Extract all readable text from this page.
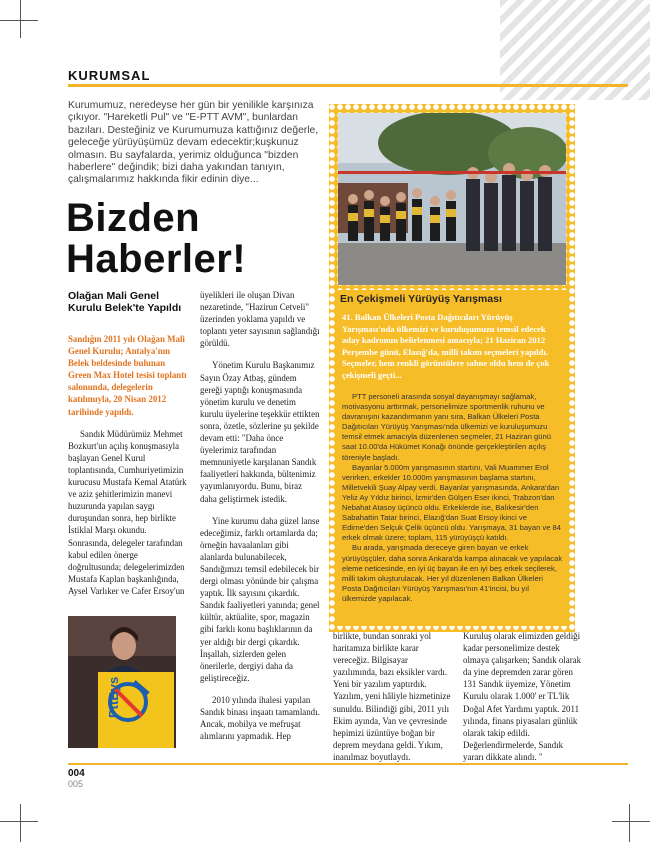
KURUMSAL
Kurumumuz, neredeyse her gün bir yenilikle karşınıza çıkıyor. "Hareketli Pul" ve "E-PTT AVM", bunlardan bazıları. Desteğiniz ve Kurumumuza kattığınız değerle, geleceğe yürüyüşümüz devam edecektir;kuşkunuz olmasın. Bu sayfalarda, yerimiz olduğunca "bizden haberlere" değindik; bizi daha yakından tanıyın, çalışmalarımız hakkında fikir edinin diye...
Bizden Haberler!
Olağan Mali Genel Kurulu Belek'te Yapıldı

Sandığın 2011 yılı Olağan Mali Genel Kurulu; Antalya'nın Belek beldesinde bulunan Green Max Hotel tesisi toplantı salonunda, delegelerin katılımıyla, 20 Nisan 2012 tarihinde yapıldı.

Sandık Müdürümüz Mehmet Bozkurt'un açılış konuşmasıyla başlayan Genel Kurul toplantısında, Cumhuriyetimizin kurucusu Mustafa Kemal Atatürk ve aziz şehitlerimizin manevi huzurunda yapılan saygı duruşundan sonra, hep birlikte İstiklal Marşı okundu. Sonrasında, delegeler tarafından kabul edilen önerge doğrultusunda; delegelerimizden Mustafa Kaplan başkanlığında, Aysel Varlıker ve Cafer Ersoy'un

PttBys

üyelikleri ile oluşan Divan nezaretinde, "Hazirun Cetveli" üzerinden yoklama yapıldı ve toplantı yeter sayısının sağlandığı görüldü.

Yönetim Kurulu Başkanımız Sayın Özay Atbaş, gündem gereği yaptığı konuşmasında yönetim kurulu ve denetim kurulu üyelerine teşekkür ettikten sonra, özetle, sözlerine şu şekilde devam etti: "Daha önce üyelerimiz tarafından memnuniyetle karşılanan Sandık faaliyetleri hakkında, bültenimiz yayımlanıyordu. Bunu, biraz daha geliştirmek istedik.

Yine kurumu daha güzel lanse edeceğimiz, farklı ortamlarda da; örneğin havaalanları gibi alanlarda bulunabilecek, Sandığımızı temsil edebilecek bir dergi olması yönünde bir çalışma yaptık. İlk sayısını çıkardık. Sandık faaliyetleri yanında; genel kültür, aktüalite, spor, magazin gibi farklı konu başlıklarının da yer aldığı bir dergi çıkardık. İnşallah, sizlerden gelen önerilerle, dergiyi daha da geliştireceğiz.

2010 yılında ihalesi yapılan Sandık binası inşaatı tamamlandı. Ancak, mobilya ve mefruşat alımlarını yapmadık. Hep

En Çekişmeli Yürüyüş Yarışması
41. Balkan Ülkeleri Posta Dağıtıcıları Yürüyüş Yarışması'nda ülkemizi ve kuruluşumuzu temsil edecek aday kadronun belirlenmesi amacıyla; 21 Haziran 2012 Perşembe günü, Elazığ'da, milli takım seçmeleri yapıldı. Seçmeler, hem renkli görüntülere sahne oldu hem de çok çekişmeli geçti...

PTT personeli arasında sosyal dayanışmayı sağlamak, motivasyonu arttırmak, personelimize sportmenlik ruhunu ve davranışını kazandırmanın yanı sıra, Balkan Ülkeleri Posta Dağıtıcıları Yürüyüş Yarışması'nda ülkemizi ve kuruluşumuzu temsil etmek amacıyla düzenlenen seçmeler, 21 Haziran günü saat 10.00'da Hükümet Konağı önünde gerçekleştirilen açılış töreniyle başladı.

Bayanlar 5.000m yarışmasının startını, Vali Muammer Erol verirken, erkekler 10.000m yarışmasının başlama startını, Milletvekili Şuay Alpay verdi. Bayanlar yarışmasında, Ankara'dan Yeliz Ay Yıldız birinci, İzmir'den Gülşen Eser ikinci, Trabzon'dan Nebahat Atasoy üçüncü oldu. Erkeklerde ise, Balıkesir'den Sabahattin Tatar birinci, Elazığ'dan Suat Ersoy ikinci ve Edirne'den Selçuk Çelik üçüncü oldu. Yarışmaya, 31 bayan ve 84 erkek olmak üzere; toplam, 115 yürüyüşçü katıldı.

Bu arada, yarışmada dereceye giren bayan ve erkek yürüyüşçüler, daha sonra Ankara'da kampa alınacak ve yapılacak eleme neticesinde, en iyi üç bayan ile en iyi beş erkek seçilerek, milli takım oluşturulacak. Her yıl düzenlenen Balkan Ülkeleri Posta Dağıtıcıları Yürüyüş Yarışması'nın 41'incisi, bu yıl ülkemizde yapılacak.

birlikte, bundan sonraki yol haritamıza birlikte karar vereceğiz. Bilgisayar yazılımında, bazı eksikler vardı. Yeni bir yazılım yaptırdık. Yazılım, yeni hâliyle hizmetinize sunuldu. Bilindiği gibi, 2011 yılı Ekim ayında, Van ve çevresinde hepimizi üzüntüye boğan bir deprem meydana geldi. Yıkım, inanılmaz boyutlaydı.

Kuruluş olarak elimizden geldiği kadar personelimize destek olmaya çalışarken; Sandık olarak da yine depremden zarar gören 131 Sandık üyemize, Yönetim Kurulu olarak 1.000' er TL'lik Doğal Afet Yardımı yaptık. 2011 yılında, finans piyasaları günlük olarak takip edildi. Değerlendirmelerde, Sandık yararı dikkate alındı. "

004
005
